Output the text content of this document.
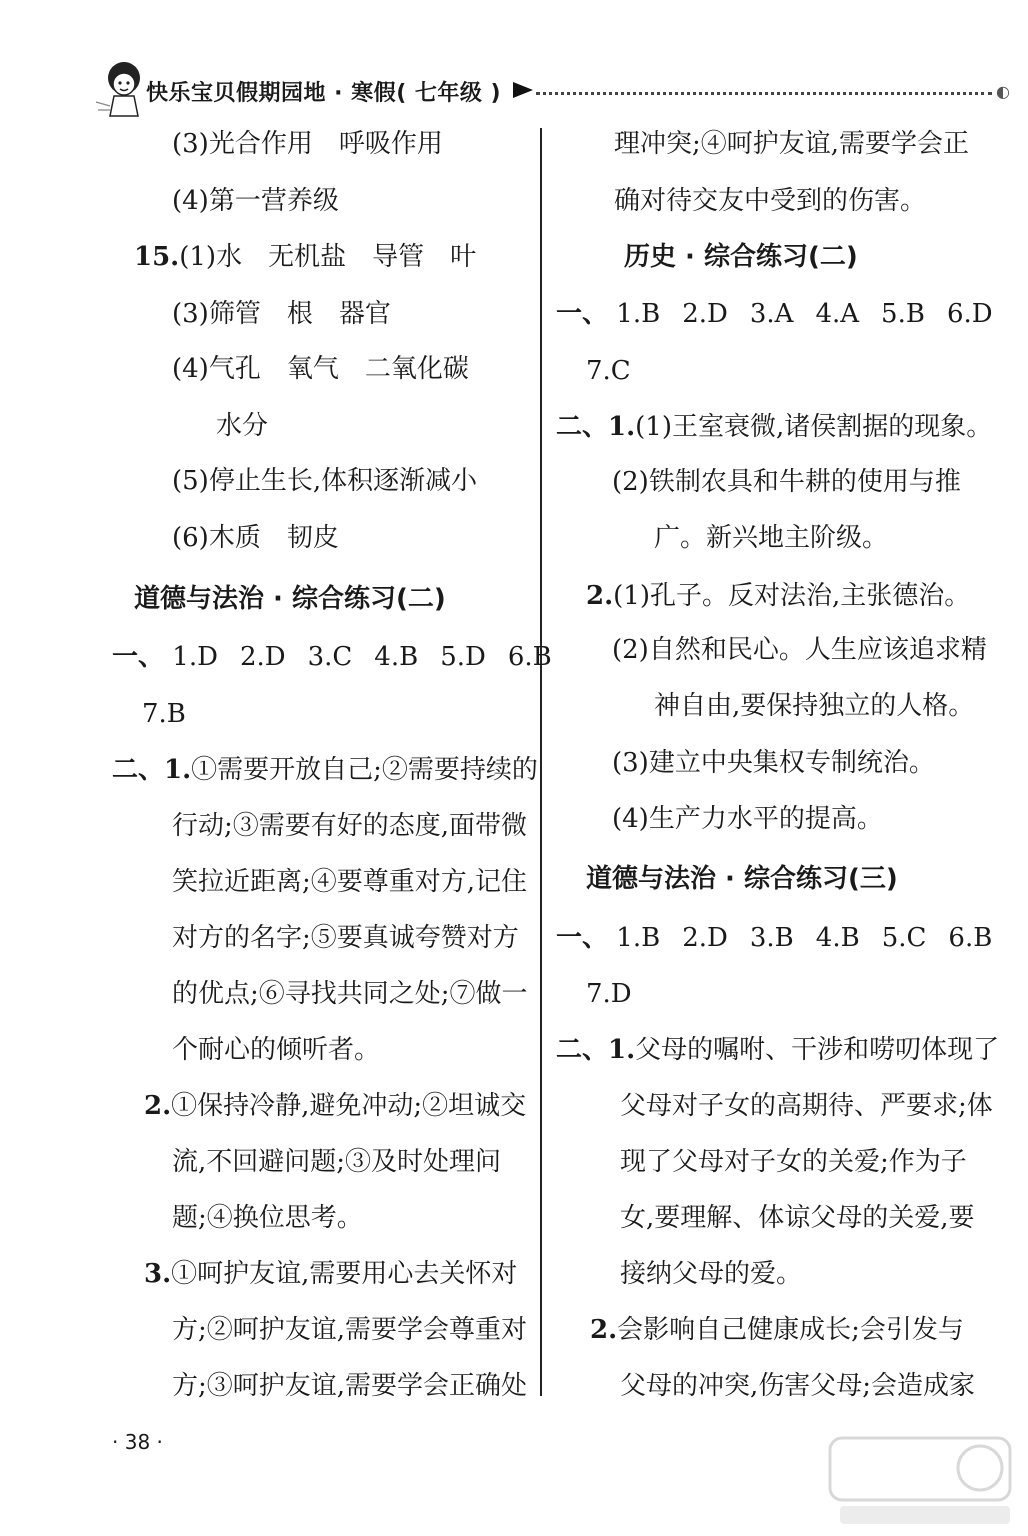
快乐宝贝假期园地 · 寒假( 七年级 )	◐
(3)光合作用　呼吸作用
(4)第一营养级
15.(1)水　无机盐　导管　叶
(3)筛管　根　器官
(4)气孔　氧气　二氧化碳
水分
(5)停止生长,体积逐渐减小
(6)木质　韧皮
道德与法治 · 综合练习(二)
一、 1.D 2.D 3.C 4.B 5.D 6.B
7.B
二、1.①需要开放自己;②需要持续的
行动;③需要有好的态度,面带微
笑拉近距离;④要尊重对方,记住
对方的名字;⑤要真诚夸赞对方
的优点;⑥寻找共同之处;⑦做一
个耐心的倾听者。
2.①保持冷静,避免冲动;②坦诚交
流,不回避问题;③及时处理问
题;④换位思考。
3.①呵护友谊,需要用心去关怀对
方;②呵护友谊,需要学会尊重对
方;③呵护友谊,需要学会正确处
理冲突;④呵护友谊,需要学会正
确对待交友中受到的伤害。
历史 · 综合练习(二)
一、 1.B 2.D 3.A 4.A 5.B 6.D
7.C
二、1.(1)王室衰微,诸侯割据的现象。
(2)铁制农具和牛耕的使用与推
广。新兴地主阶级。
2.(1)孔子。反对法治,主张德治。
(2)自然和民心。人生应该追求精
神自由,要保持独立的人格。
(3)建立中央集权专制统治。
(4)生产力水平的提高。
道德与法治 · 综合练习(三)
一、 1.B 2.D 3.B 4.B 5.C 6.B
7.D
二、1.父母的嘱咐、干涉和唠叨体现了
父母对子女的高期待、严要求;体
现了父母对子女的关爱;作为子
女,要理解、体谅父母的关爱,要
接纳父母的爱。
2.会影响自己健康成长;会引发与
父母的冲突,伤害父母;会造成家
· 38 ·
